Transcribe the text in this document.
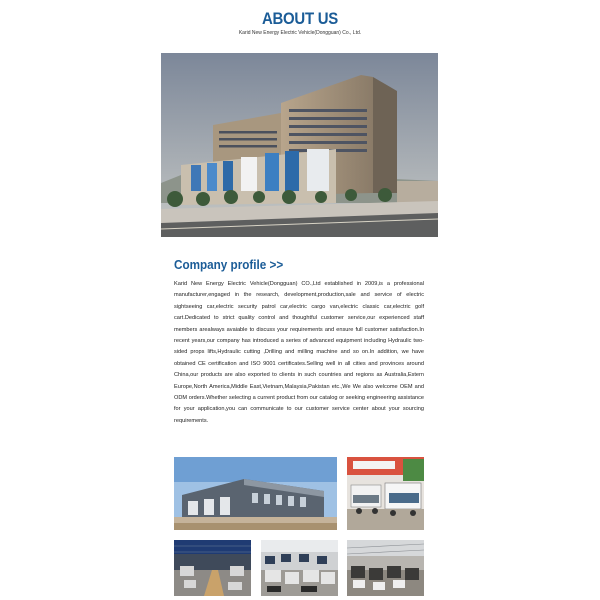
ABOUT US
Karid New Energy Electric Vehicle(Dongguan) Co., Ltd.
Company profile >>
Karid New Energy Electric Vehicle(Dongguan) CO.,Ltd established in 2009,is a professional manufacturer,engaged in the research, development,production,sale and service of electric sightseeing car,electric security patrol car,electric cargo van,electric classic car,electric golf cart.Dedicated to strict quality control and thoughtful customer service,our experienced staff members arealways avaiable to discuss your requirements and ensure full customer satisfaction.In recent years,our company has introduced a series of advanced equipment including Hydraulic two-sided props lifts,Hydraulic cutting ,Drilling and milling machine and so on.In addition, we have obtained CE certification and ISO 9001 certificates.Selling well in all cities and provinces around China,our products are also exported to clients in such countries and regions as Australia,Estern Europe,North America,Middle East,Vietnam,Malaysia,Pakistan etc.,We We also welcome OEM and ODM orders.Whether selecting a current product from our catalog or seeking engineering assistance for your application,you can communicate to our customer service center about your sourcing requirements.
